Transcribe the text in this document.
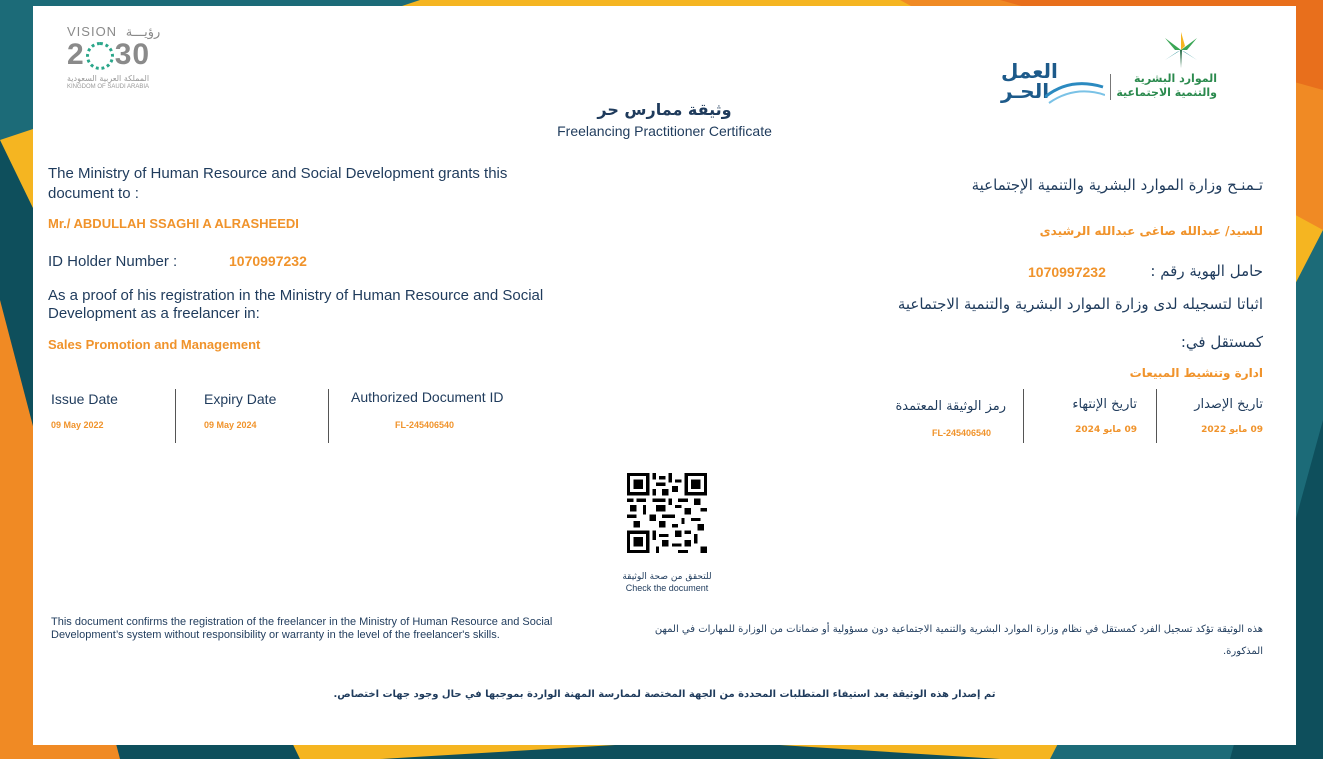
VISION رؤيـــة
2 30
المملكة العربية السعودية
KINGDOM OF SAUDI ARABIA
العمل
الحـر
الموارد البشرية
والتنمية الاجتماعية
وثيقة ممارس حر
Freelancing Practitioner Certificate
The Ministry of Human Resource and Social Development grants this document to :
Mr./ ABDULLAH SSAGHI A ALRASHEEDI
ID Holder Number :	1070997232
As a proof of his registration in the Ministry of Human Resource and Social Development as a freelancer in:
Sales Promotion and Management
Issue Date
09 May 2022
Expiry Date
09 May 2024
Authorized Document ID
FL-245406540
تـمنـح وزارة الموارد البشرية والتنمية الإجتماعية
للسيد/ عبدالله صاغى عبدالله الرشيدى
حامل الهوية رقم :
1070997232
اثباتا لتسجيله لدى وزارة الموارد البشرية والتنمية الاجتماعية
كمستقل في:
ادارة وتنشيط المبيعات
تاريخ الإصدار
09 مايو 2022
تاريخ الإنتهاء
09 مايو 2024
رمز الوثيقة المعتمدة
FL-245406540
للتحقق من صحة الوثيقة
Check the document
This document confirms the registration of the freelancer in the Ministry of Human Resource and Social Development’s system without responsibility or warranty in the level of the freelancer's skills.	هذه الوثيقة تؤكد تسجيل الفرد كمستقل في نظام وزارة الموارد البشرية والتنمية الاجتماعية دون مسؤولية أو ضمانات من الوزارة للمهارات في المهن المذكورة.
تم إصدار هذه الوثيقة بعد استيفاء المتطلبات المحددة من الجهة المختصة لممارسة المهنة الواردة بموجبها في حال وجود جهات اختصاص.
